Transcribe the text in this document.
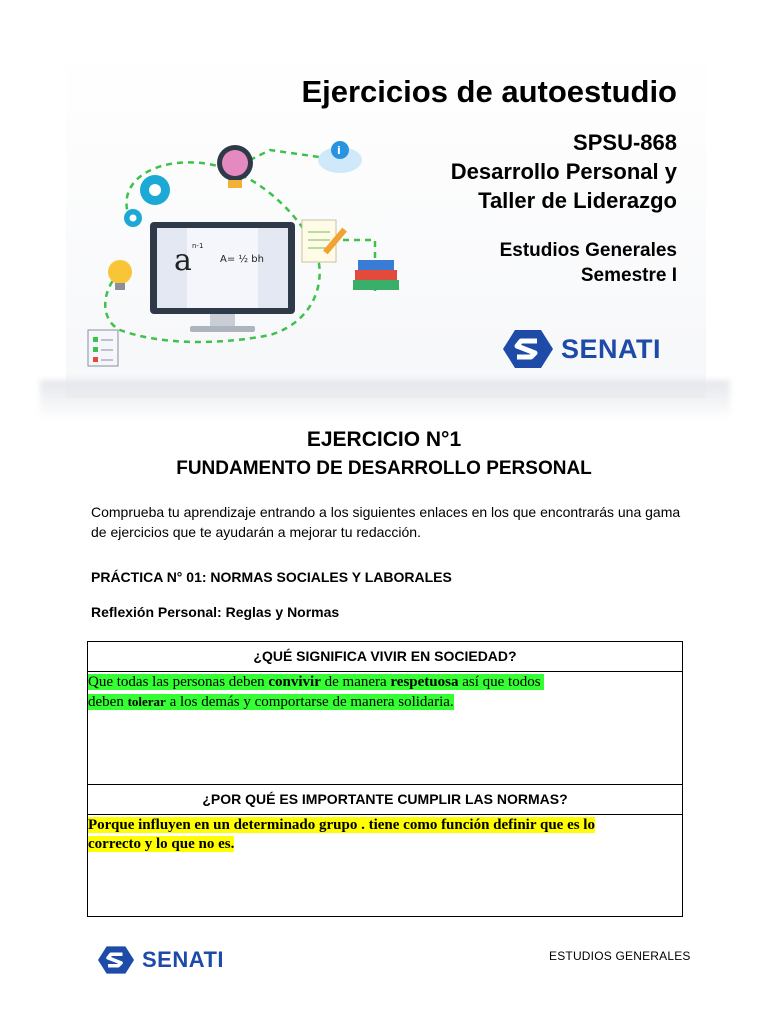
a n-1
A= ½ bh
i
Ejercicios de autoestudio
SPSU-868
Desarrollo Personal y
Taller de Liderazgo
Estudios Generales
Semestre I
SENATI
EJERCICIO N°1
FUNDAMENTO DE DESARROLLO PERSONAL

Comprueba tu aprendizaje entrando a los siguientes enlaces en los que encontrarás una gama de ejercicios que te ayudarán a mejorar tu redacción.

PRÁCTICA N° 01: NORMAS SOCIALES Y LABORALES
Reflexión Personal: Reglas y Normas
¿QUÉ SIGNIFICA VIVIR EN SOCIEDAD?

Que todas las personas deben convivir de manera respetuosa así que todos
deben tolerar a los demás y comportarse de manera solidaria.

¿POR QUÉ ES IMPORTANTE CUMPLIR LAS NORMAS?

Porque influyen en un determinado grupo . tiene como función definir que es lo
correcto y lo que no es.

SENATI	ESTUDIOS GENERALES
